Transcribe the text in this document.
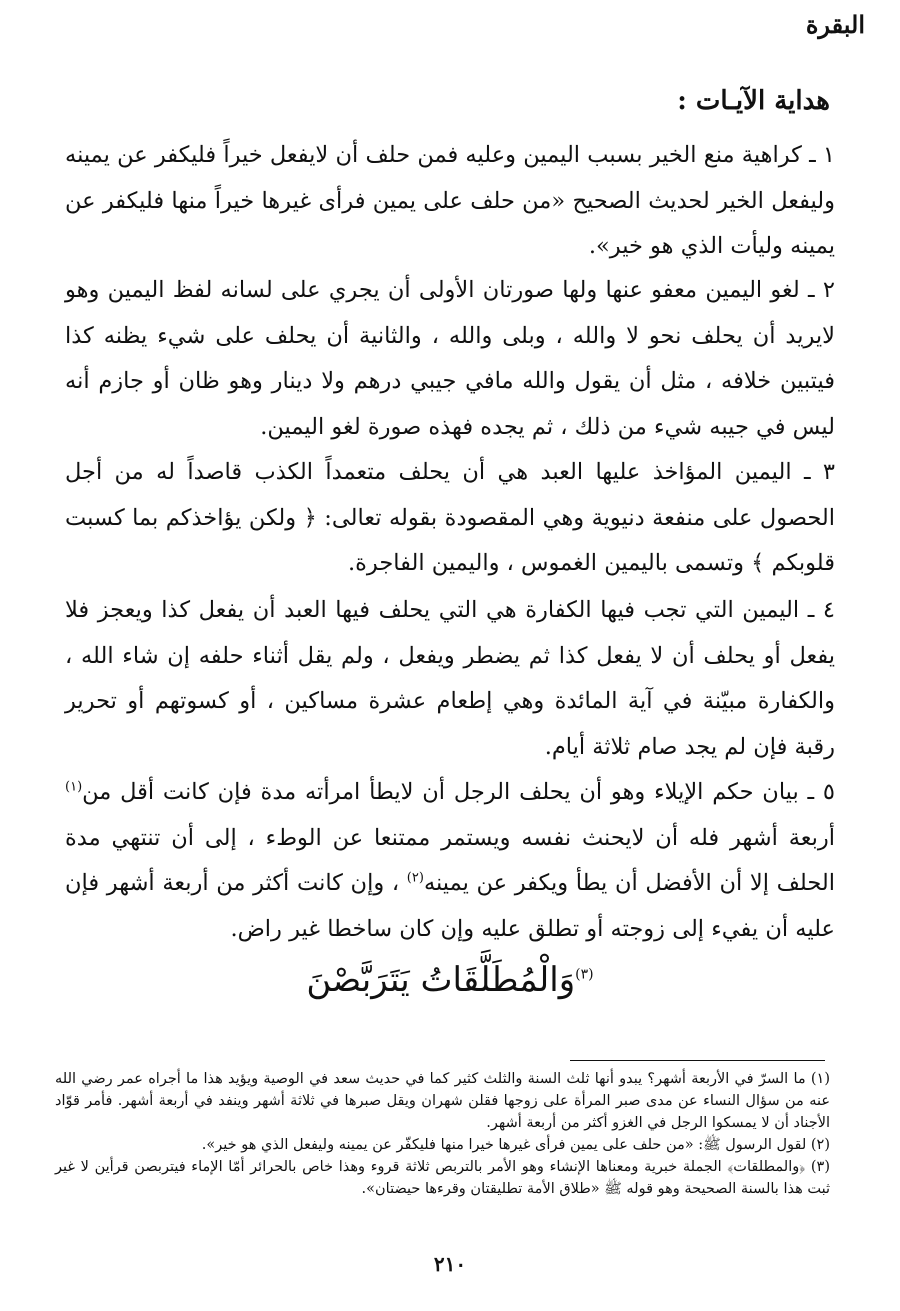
البقرة
هداية الآيـات :

١ ـ كراهية منع الخير بسبب اليمين وعليه فمن حلف أن لايفعل خيراً فليكفر عن يمينه وليفعل الخير لحديث الصحيح «من حلف على يمين فرأى غيرها خيراً منها فليكفر عن يمينه وليأت الذي هو خير».

٢ ـ لغو اليمين معفو عنها ولها صورتان الأولى أن يجري على لسانه لفظ اليمين وهو لايريد أن يحلف نحو لا والله ، وبلى والله ، والثانية أن يحلف على شيء يظنه كذا فيتبين خلافه ، مثل أن يقول والله مافي جيبي درهم ولا دينار وهو ظان أو جازم أنه ليس في جيبه شيء من ذلك ، ثم يجده فهذه صورة لغو اليمين.

٣ ـ اليمين المؤاخذ عليها العبد هي أن يحلف متعمداً الكذب قاصداً له من أجل الحصول على منفعة دنيوية وهي المقصودة بقوله تعالى: ﴿ ولكن يؤاخذكم بما كسبت قلوبكم ﴾ وتسمى باليمين الغموس ، واليمين الفاجرة.

٤ ـ اليمين التي تجب فيها الكفارة هي التي يحلف فيها العبد أن يفعل كذا ويعجز فلا يفعل أو يحلف أن لا يفعل كذا ثم يضطر ويفعل ، ولم يقل أثناء حلفه إن شاء الله ، والكفارة مبيّنة في آية المائدة وهي إطعام عشرة مساكين ، أو كسوتهم أو تحرير رقبة فإن لم يجد صام ثلاثة أيام.

٥ ـ بيان حكم الإيلاء وهو أن يحلف الرجل أن لايطأ امرأته مدة فإن كانت أقل من$^{(١)}$ أربعة أشهر فله أن لايحنث نفسه ويستمر ممتنعا عن الوطء ، إلى أن تنتهي مدة الحلف إلا أن الأفضل أن يطأ ويكفر عن يمينه$^{(٢)}$ ، وإن كانت أكثر من أربعة أشهر فإن عليه أن يفيء إلى زوجته أو تطلق عليه وإن كان ساخطا غير راض.

$^{(٣)}$وَالْمُطَلَّقَاتُ يَتَرَبَّصْنَ

(١) ما السرّ في الأربعة أشهر؟ يبدو أنها ثلث السنة والثلث كثير كما في حديث سعد في الوصية ويؤيد هذا ما أجراه عمر رضي الله عنه من سؤال النساء عن مدى صبر المرأة على زوجها فقلن شهران ويقل صبرها في ثلاثة أشهر وينفد في أربعة أشهر. فأمر قوّاد الأجناد أن لا يمسكوا الرجل في الغزو أكثر من أربعة أشهر.

(٢) لقول الرسول ﷺ: «من حلف على يمين فرأى غيرها خيرا منها فليكفّر عن يمينه وليفعل الذي هو خير».

(٣) ﴿والمطلقات﴾ الجملة خبرية ومعناها الإنشاء وهو الأمر بالتربص ثلاثة قروء وهذا خاص بالحرائر أمّا الإماء فيتربصن قرأين لا غير ثبت هذا بالسنة الصحيحة وهو قوله ﷺ «طلاق الأمة تطليقتان وقرءها حيضتان».

٢١٠
